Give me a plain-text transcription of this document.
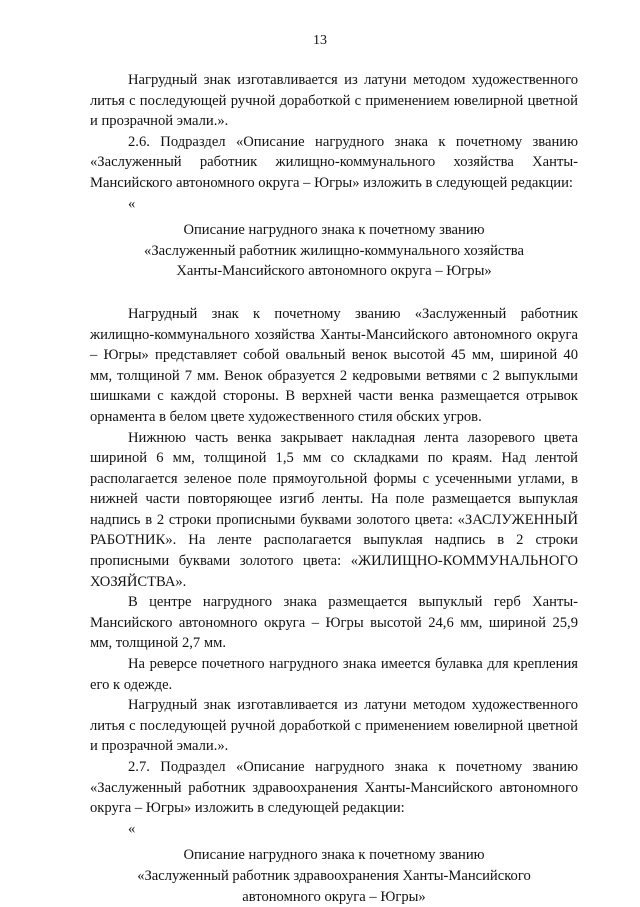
13

Нагрудный знак изготавливается из латуни методом художественного литья с последующей ручной доработкой с применением ювелирной цветной и прозрачной эмали.».

2.6. Подраздел «Описание нагрудного знака к почетному званию «Заслуженный работник жилищно-коммунального хозяйства Ханты-Мансийского автономного округа – Югры» изложить в следующей редакции:

«

Описание нагрудного знака к почетному званию

«Заслуженный работник жилищно-коммунального хозяйства

Ханты-Мансийского автономного округа – Югры»

Нагрудный знак к почетному званию «Заслуженный работник жилищно-коммунального хозяйства Ханты-Мансийского автономного округа – Югры» представляет собой овальный венок высотой 45 мм, шириной 40 мм, толщиной 7 мм. Венок образуется 2 кедровыми ветвями с 2 выпуклыми шишками с каждой стороны. В верхней части венка размещается отрывок орнамента в белом цвете художественного стиля обских угров.

Нижнюю часть венка закрывает накладная лента лазоревого цвета шириной 6 мм, толщиной 1,5 мм со складками по краям. Над лентой располагается зеленое поле прямоугольной формы с усеченными углами, в нижней части повторяющее изгиб ленты. На поле размещается выпуклая надпись в 2 строки прописными буквами золотого цвета: «ЗАСЛУЖЕННЫЙ РАБОТНИК». На ленте располагается выпуклая надпись в 2 строки прописными буквами золотого цвета: «ЖИЛИЩНО-КОММУНАЛЬНОГО ХОЗЯЙСТВА».

В центре нагрудного знака размещается выпуклый герб Ханты-Мансийского автономного округа – Югры высотой 24,6 мм, шириной 25,9 мм, толщиной 2,7 мм.

На реверсе почетного нагрудного знака имеется булавка для крепления его к одежде.

Нагрудный знак изготавливается из латуни методом художественного литья с последующей ручной доработкой с применением ювелирной цветной и прозрачной эмали.».

2.7. Подраздел «Описание нагрудного знака к почетному званию «Заслуженный работник здравоохранения Ханты-Мансийского автономного округа – Югры» изложить в следующей редакции:

«

Описание нагрудного знака к почетному званию

«Заслуженный работник здравоохранения Ханты-Мансийского

автономного округа – Югры»
